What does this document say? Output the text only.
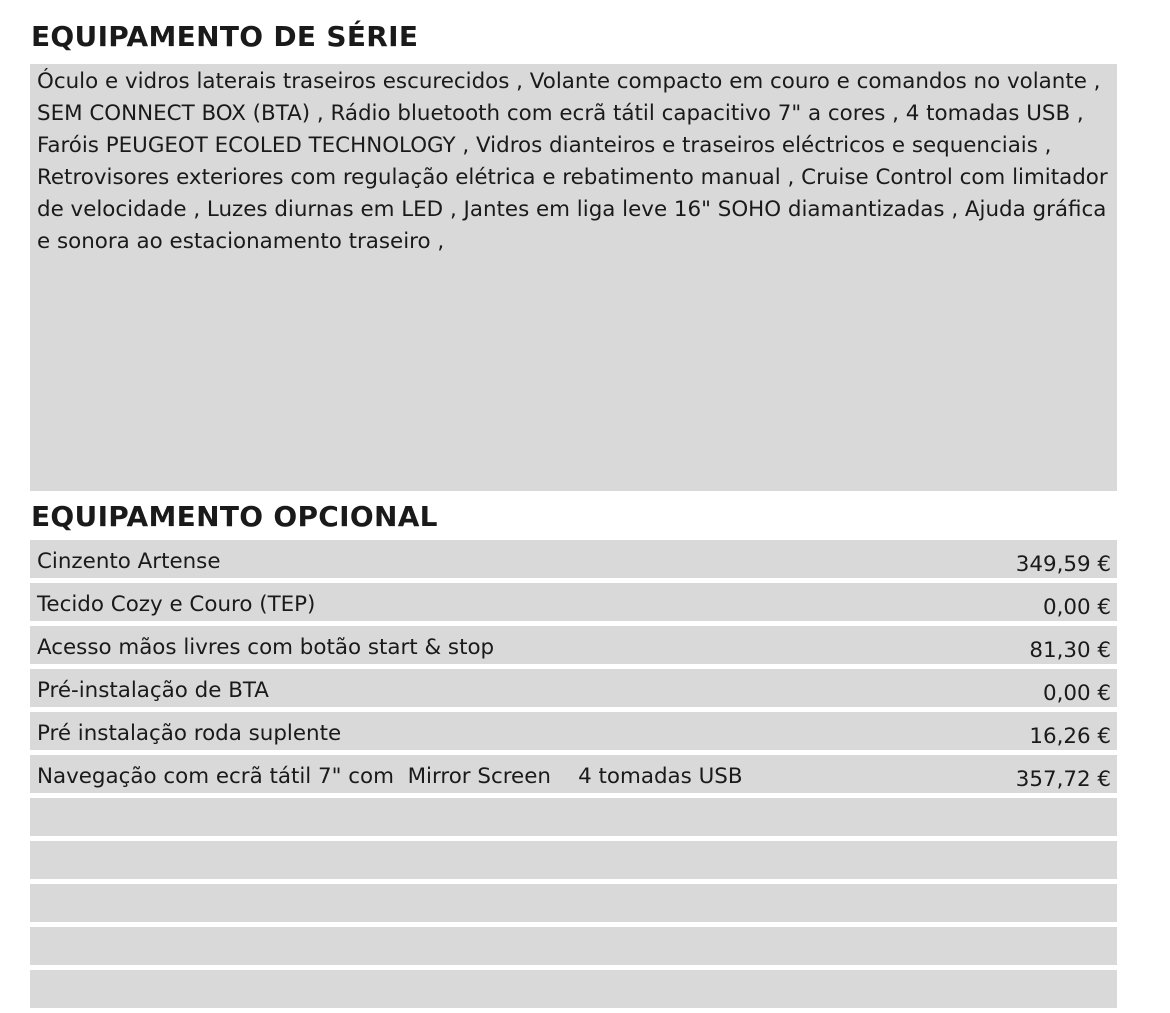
EQUIPAMENTO DE SÉRIE

Óculo e vidros laterais traseiros escurecidos , Volante compacto em couro e comandos no volante , SEM CONNECT BOX (BTA) , Rádio bluetooth com ecrã tátil capacitivo 7" a cores , 4 tomadas USB , Faróis PEUGEOT ECOLED TECHNOLOGY , Vidros dianteiros e traseiros eléctricos e sequenciais , Retrovisores exteriores com regulação elétrica e rebatimento manual , Cruise Control com limitador de velocidade , Luzes diurnas em LED , Jantes em liga leve 16" SOHO diamantizadas , Ajuda gráfica e sonora ao estacionamento traseiro ,

EQUIPAMENTO OPCIONAL
Cinzento Artense	349,59 €
Tecido Cozy e Couro (TEP)	0,00 €
Acesso mãos livres com botão start & stop	81,30 €
Pré-instalação de BTA	0,00 €
Pré instalação roda suplente	16,26 €
Navegação com ecrã tátil 7" com  Mirror Screen    4 tomadas USB	357,72 €
